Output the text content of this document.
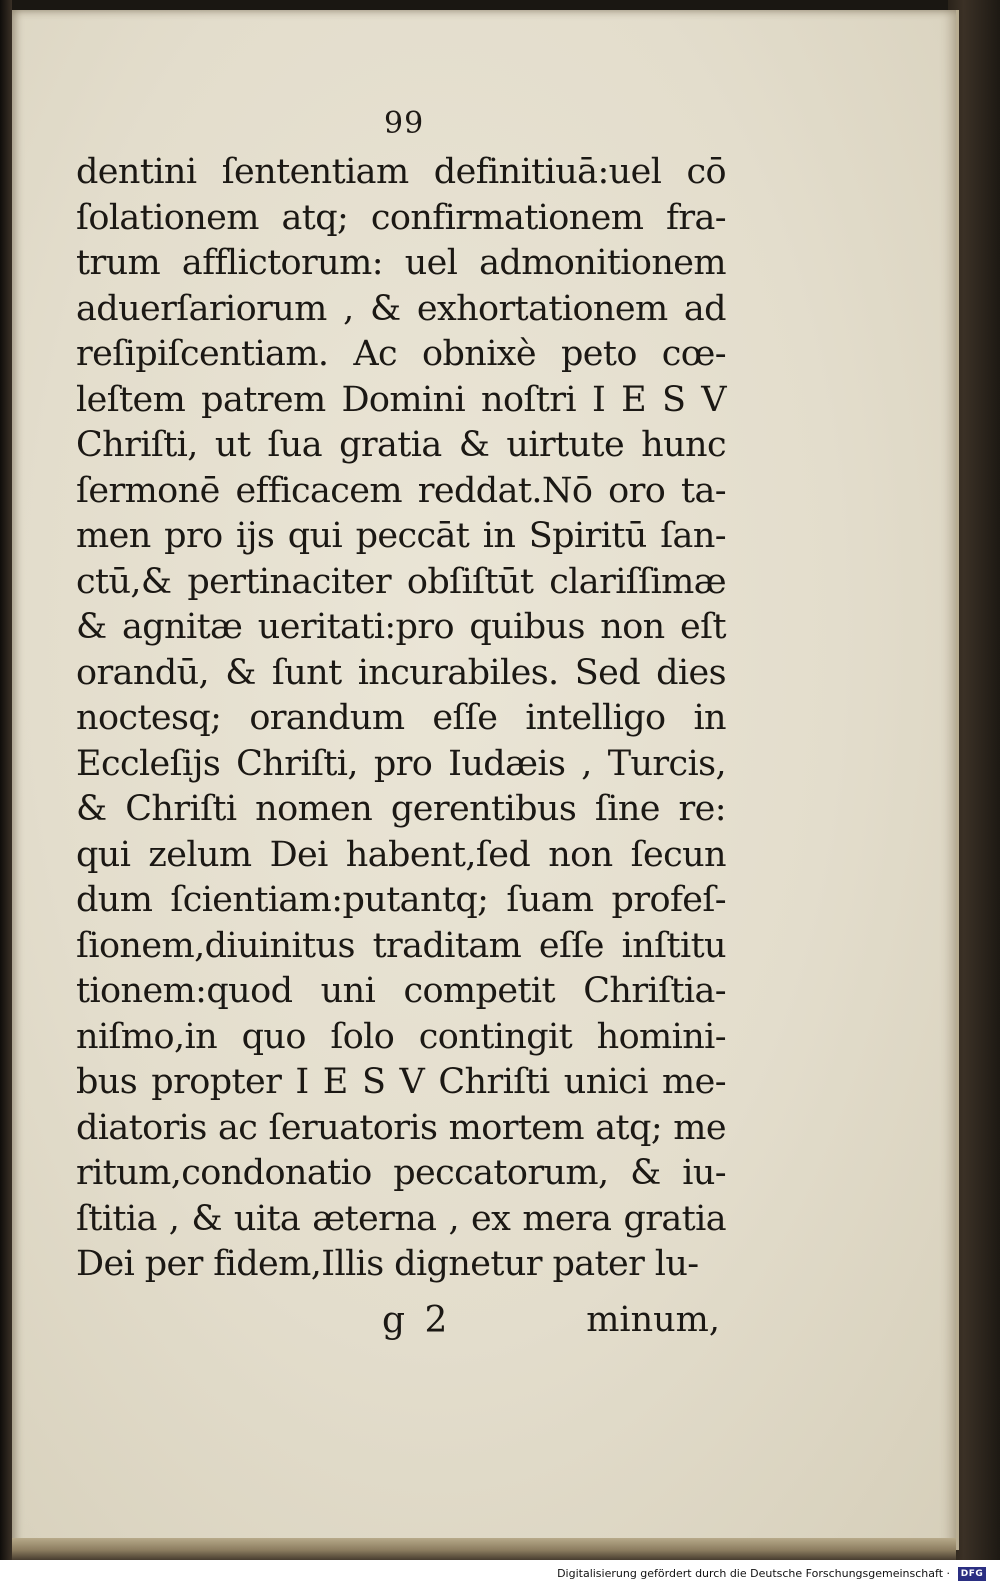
99
dentini ſententiam definitiuā:uel cō
ſolationem atq; confirmationem fra-
trum afflictorum: uel admonitionem
aduerſariorum , & exhortationem ad
reſipiſcentiam. Ac obnixè peto cœ-
leſtem patrem Domini noſtri I E S V
Chriſti, ut ſua gratia & uirtute hunc
ſermonē efficacem reddat.Nō oro ta-
men pro ijs qui peccāt in Spiritū ſan-
ctū,& pertinaciter obſiſtūt clariſſimæ
& agnitæ ueritati:pro quibus non eſt
orandū, & ſunt incurabiles. Sed dies
noctesq; orandum eſſe intelligo in
Eccleſijs Chriſti, pro Iudæis , Turcis,
& Chriſti nomen gerentibus ſine re:
qui zelum Dei habent,ſed non ſecun
dum ſcientiam:putantq; ſuam profeſ-
ſionem,diuinitus traditam eſſe inſtitu
tionem:quod uni competit Chriſtia-
niſmo,in quo ſolo contingit homini-
bus propter I E S V Chriſti unici me-
diatoris ac ſeruatoris mortem atq; me
ritum,condonatio peccatorum, & iu-
ſtitia , & uita æterna , ex mera gratia
Dei per fidem,Illis dignetur pater lu-
g 2	minum,
Digitalisierung gefördert durch die Deutsche Forschungsgemeinschaft ·	DFG
